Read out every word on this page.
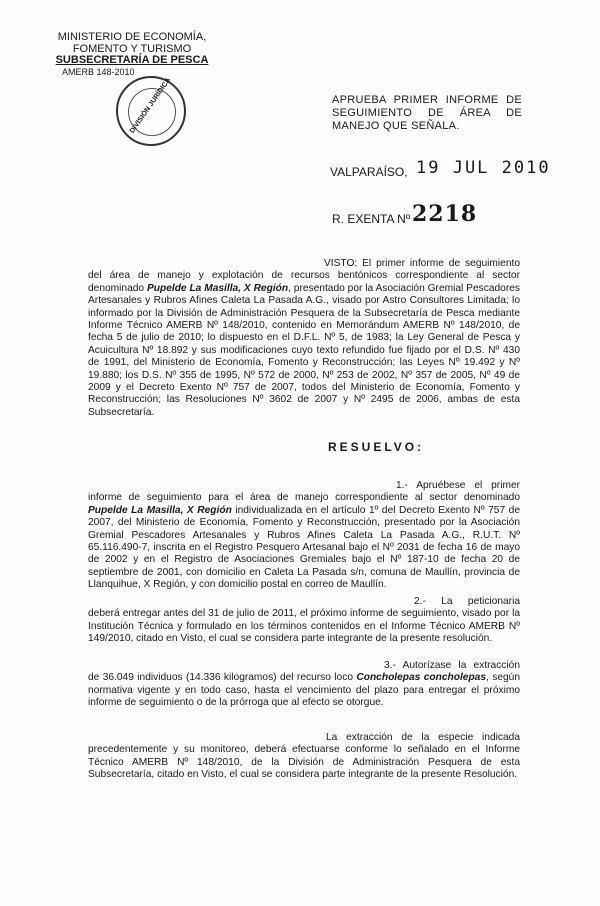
MINISTERIO DE ECONOMÍA,
FOMENTO Y TURISMO
SUBSECRETARÍA DE PESCA
AMERB 148-2010
DIVISIÓN JURÍDICA	APRUEBA PRIMER INFORME DE SEGUIMIENTO DE ÁREA DE MANEJO QUE SEÑALA.
VALPARAÍSO, 19 JUL 2010
R. EXENTA Nº 2218
VISTO: El primer informe de seguimiento del área de manejo y explotación de recursos bentónicos correspondiente al sector denominado Pupelde La Masilla, X Región, presentado por la Asociación Gremial Pescadores Artesanales y Rubros Afines Caleta La Pasada A.G., visado por Astro Consultores Limitada; lo informado por la División de Administración Pesquera de la Subsecretaría de Pesca mediante Informe Técnico AMERB Nº 148/2010, contenido en Memorándum AMERB Nº 148/2010, de fecha 5 de julio de 2010; lo dispuesto en el D.F.L. Nº 5, de 1983; la Ley General de Pesca y Acuicultura Nº 18.892 y sus modificaciones cuyo texto refundido fue fijado por el D.S. Nº 430 de 1991, del Ministerio de Economía, Fomento y Reconstrucción; las Leyes Nº 19.492 y Nº 19.880; los D.S. Nº 355 de 1995, Nº 572 de 2000, Nº 253 de 2002, Nº 357 de 2005, Nº 49 de 2009 y el Decreto Exento Nº 757 de 2007, todos del Ministerio de Economía, Fomento y Reconstrucción; las Resoluciones Nº 3602 de 2007 y Nº 2495 de 2006, ambas de esta Subsecretaría.
RESUELVO:
1.- Apruébese el primer informe de seguimiento para el área de manejo correspondiente al sector denominado Pupelde La Masilla, X Región individualizada en el artículo 1º del Decreto Exento Nº 757 de 2007, del Ministerio de Economía, Fomento y Reconstrucción, presentado por la Asociación Gremial Pescadores Artesanales y Rubros Afines Caleta La Pasada A.G., R.U.T. Nº 65.116.490-7, inscrita en el Registro Pesquero Artesanal bajo el Nº 2031 de fecha 16 de mayo de 2002 y en el Registro de Asociaciones Gremiales bajo el Nº 187-10 de fecha 20 de septiembre de 2001, con domicilio en Caleta La Pasada s/n, comuna de Maullín, provincia de Llanquihue, X Región, y con domicilio postal en correo de Maullín.
2.- La peticionaria deberá entregar antes del 31 de julio de 2011, el próximo informe de seguimiento, visado por la Institución Técnica y formulado en los términos contenidos en el Informe Técnico AMERB Nº 149/2010, citado en Visto, el cual se considera parte integrante de la presente resolución.
3.- Autorízase la extracción de 36.049 individuos (14.336 kilogramos) del recurso loco Concholepas concholepas, según normativa vigente y en todo caso, hasta el vencimiento del plazo para entregar el próximo informe de seguimiento o de la prórroga que al efecto se otorgue.
La extracción de la especie indicada precedentemente y su monitoreo, deberá efectuarse conforme lo señalado en el Informe Técnico AMERB Nº 148/2010, de la División de Administración Pesquera de esta Subsecretaría, citado en Visto, el cual se considera parte integrante de la presente Resolución.
